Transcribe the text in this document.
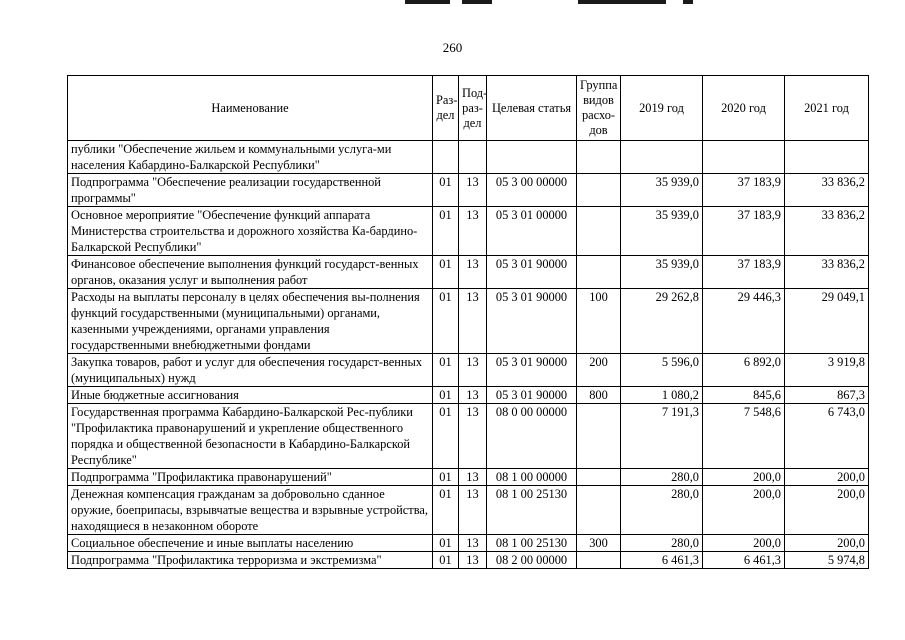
260
Наименование	Раз-дел	Под-раз-дел	Целевая статья	Группа видов расхо-дов	2019 год	2020 год	2021 год
публики "Обеспечение жильем и коммунальными услуга-ми населения Кабардино-Балкарской Республики"							
Подпрограмма "Обеспечение реализации государственной программы"	01	13	05 3 00 00000		35 939,0	37 183,9	33 836,2
Основное мероприятие "Обеспечение функций аппарата Министерства строительства и дорожного хозяйства Ка-бардино-Балкарской Республики"	01	13	05 3 01 00000		35 939,0	37 183,9	33 836,2
Финансовое обеспечение выполнения функций государст-венных органов, оказания услуг и выполнения работ	01	13	05 3 01 90000		35 939,0	37 183,9	33 836,2
Расходы на выплаты персоналу в целях обеспечения вы-полнения функций государственными (муниципальными) органами, казенными учреждениями, органами управления государственными внебюджетными фондами	01	13	05 3 01 90000	100	29 262,8	29 446,3	29 049,1
Закупка товаров, работ и услуг для обеспечения государст-венных (муниципальных) нужд	01	13	05 3 01 90000	200	5 596,0	6 892,0	3 919,8
Иные бюджетные ассигнования	01	13	05 3 01 90000	800	1 080,2	845,6	867,3
Государственная программа Кабардино-Балкарской Рес-публики "Профилактика правонарушений и укрепление общественного порядка и общественной безопасности в Кабардино-Балкарской Республике"	01	13	08 0 00 00000		7 191,3	7 548,6	6 743,0
Подпрограмма "Профилактика правонарушений"	01	13	08 1 00 00000		280,0	200,0	200,0
Денежная компенсация гражданам за добровольно сданное оружие, боеприпасы, взрывчатые вещества и взрывные устройства, находящиеся в незаконном обороте	01	13	08 1 00 25130		280,0	200,0	200,0
Социальное обеспечение и иные выплаты населению	01	13	08 1 00 25130	300	280,0	200,0	200,0
Подпрограмма "Профилактика терроризма и экстремизма"	01	13	08 2 00 00000		6 461,3	6 461,3	5 974,8
